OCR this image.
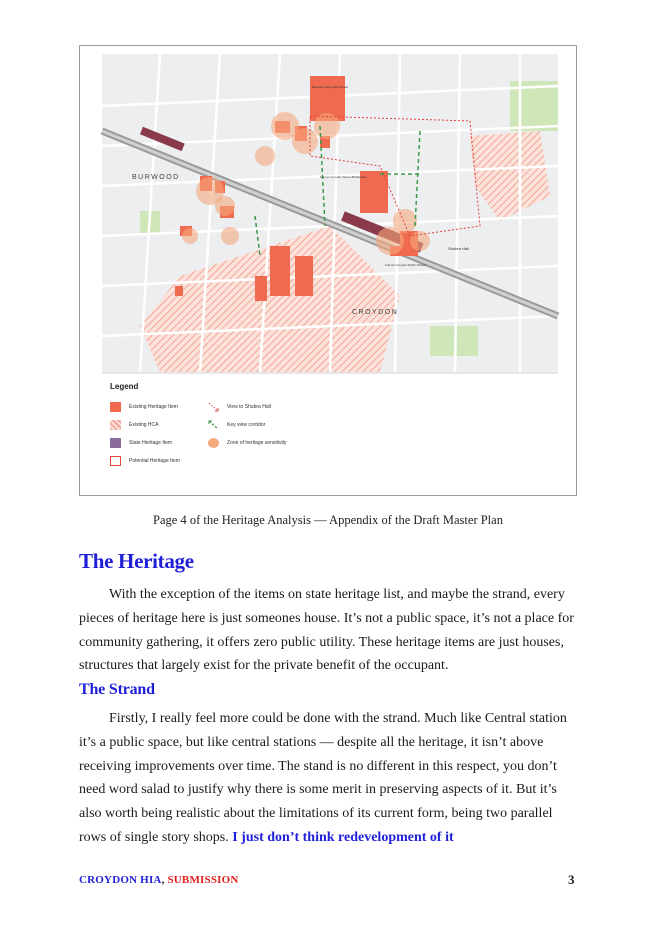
BURWOOD
CROYDON
Shubra Hall
Burwood Girls High School
Former Croydon Steam Brickworks
Former Croydon Public School
Legend
Existing Heritage Item
Existing HCA
State Heritage Item
Potential Heritage Item
View to Shubra Hall
Key view corridor
Zone of heritage sensitivity
Page 4 of the Heritage Analysis — Appendix of the Draft Master Plan
The Heritage

With the exception of the items on state heritage list, and maybe the strand, every pieces of heritage here is just someones house. It’s not a public space, it’s not a place for community gathering, it offers zero public utility. These heritage items are just houses, structures that largely exist for the private benefit of the occupant.

The Strand

Firstly, I really feel more could be done with the strand. Much like Central station it’s a public space, but like central stations — despite all the heritage, it isn’t above receiving improvements over time. The stand is no different in this respect, you don’t need word salad to justify why there is some merit in preserving aspects of it. But it’s also worth being realistic about the limitations of its current form, being two parallel rows of single story shops. I just don’t think redevelopment of it

CROYDON HIA, SUBMISSION	3
